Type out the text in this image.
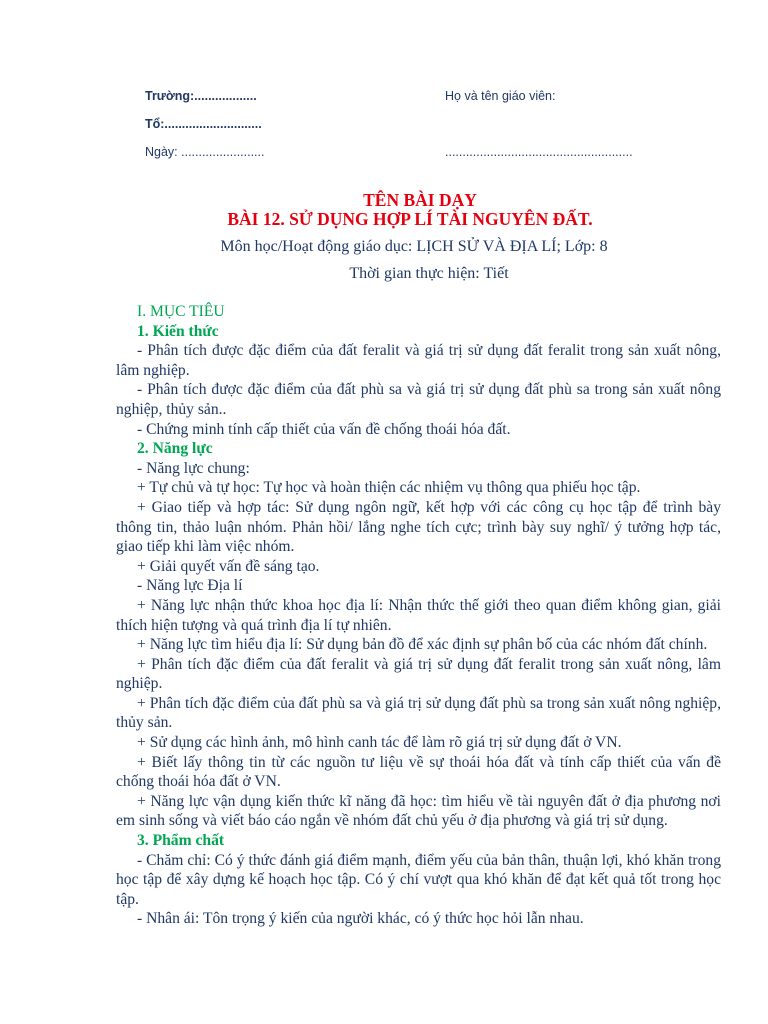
Trường:..................
Tổ:............................
Ngày: ........................
Họ và tên giáo viên:
......................................................
TÊN BÀI DẠY
BÀI 12. SỬ DỤNG HỢP LÍ TÀI NGUYÊN ĐẤT.
Môn học/Hoạt động giáo dục: LỊCH SỬ VÀ ĐỊA LÍ; Lớp: 8
Thời gian thực hiện: Tiết

I. MỤC TIÊU

1. Kiến thức

- Phân tích được đặc điểm của đất feralit và giá trị sử dụng đất feralit trong sản xuất nông, lâm nghiệp.

- Phân tích được đặc điểm của đất phù sa và giá trị sử dụng đất phù sa trong sản xuất nông nghiệp, thủy sản..

- Chứng minh tính cấp thiết của vấn đề chống thoái hóa đất.

2. Năng lực

- Năng lực chung:

+ Tự chủ và tự học: Tự học và hoàn thiện các nhiệm vụ thông qua phiếu học tập.

+ Giao tiếp và hợp tác: Sử dụng ngôn ngữ, kết hợp với các công cụ học tập để trình bày thông tin, thảo luận nhóm. Phản hồi/ lắng nghe tích cực; trình bày suy nghĩ/ ý tưởng hợp tác, giao tiếp khi làm việc nhóm.

+ Giải quyết vấn đề sáng tạo.

- Năng lực Địa lí

+ Năng lực nhận thức khoa học địa lí: Nhận thức thế giới theo quan điểm không gian, giải thích hiện tượng và quá trình địa lí tự nhiên.

+ Năng lực tìm hiểu địa lí: Sử dụng bản đồ để xác định sự phân bố của các nhóm đất chính.

+ Phân tích đặc điểm của đất feralit và giá trị sử dụng đất feralit trong sản xuất nông, lâm nghiệp.

+ Phân tích đặc điểm của đất phù sa và giá trị sử dụng đất phù sa trong sản xuất nông nghiệp, thủy sản.

+ Sử dụng các hình ảnh, mô hình canh tác để làm rõ giá trị sử dụng đất ở VN.

+ Biết lấy thông tin từ các nguồn tư liệu về sự thoái hóa đất và tính cấp thiết của vấn đề chống thoái hóa đất ở VN.

+ Năng lực vận dụng kiến thức kĩ năng đã học: tìm hiểu về tài nguyên đất ở địa phương nơi em sinh sống và viết báo cáo ngắn về nhóm đất chủ yếu ở địa phương và giá trị sử dụng.

3. Phẩm chất

- Chăm chỉ: Có ý thức đánh giá điểm mạnh, điểm yếu của bản thân, thuận lợi, khó khăn trong học tập để xây dựng kế hoạch học tập. Có ý chí vượt qua khó khăn để đạt kết quả tốt trong học tập.

- Nhân ái: Tôn trọng ý kiến của người khác, có ý thức học hỏi lẫn nhau.
